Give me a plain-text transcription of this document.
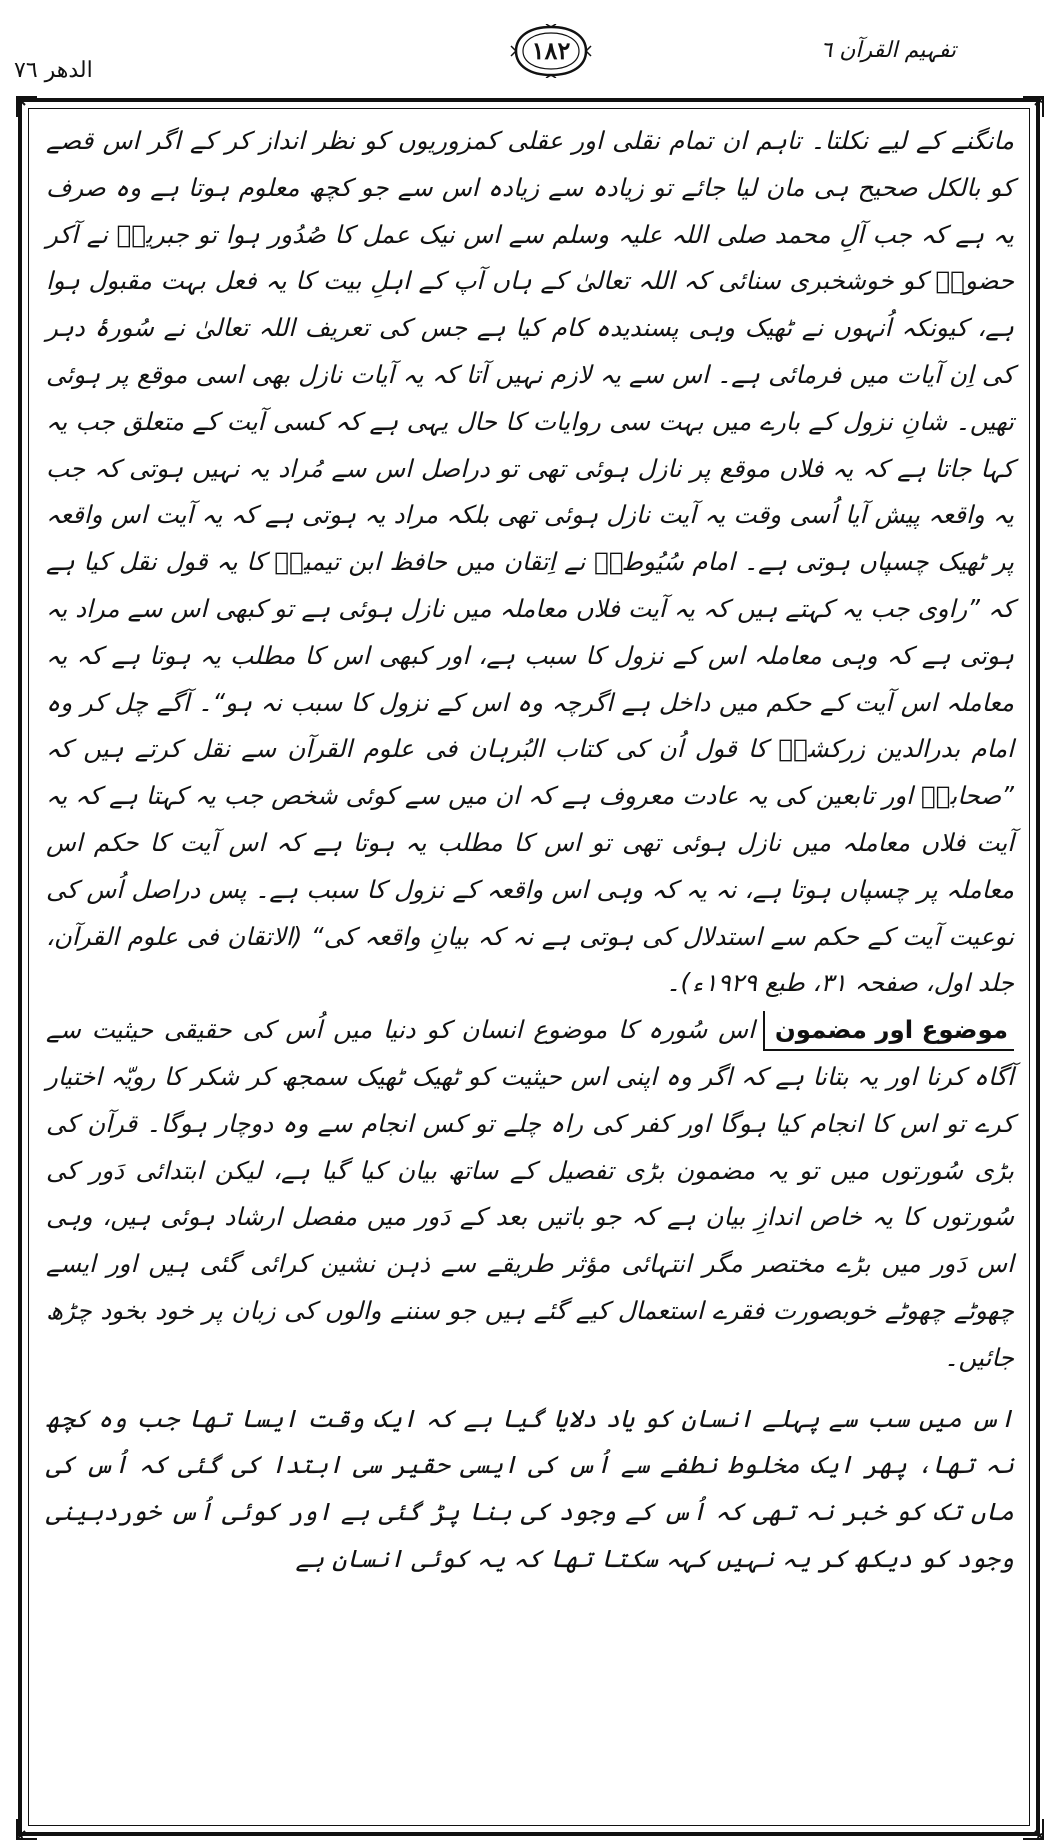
تفہیم القرآن ٦
١٨٢
الدھر ٧٦

مانگنے کے لیے نکلتا۔ تاہم ان تمام نقلی اور عقلی کمزوریوں کو نظر انداز کر کے اگر اس قصے کو بالکل صحیح ہی مان لیا جائے تو زیادہ سے زیادہ اس سے جو کچھ معلوم ہوتا ہے وہ صرف یہ ہے کہ جب آلِ محمد صلی اللہ علیہ وسلم سے اس نیک عمل کا صُدُور ہوا تو جبریلؑ نے آکر حضورؐ کو خوشخبری سنائی کہ اللہ تعالیٰ کے ہاں آپ کے اہلِ بیت کا یہ فعل بہت مقبول ہوا ہے، کیونکہ اُنہوں نے ٹھیک وہی پسندیدہ کام کیا ہے جس کی تعریف اللہ تعالیٰ نے سُورۂ دہر کی اِن آیات میں فرمائی ہے۔ اس سے یہ لازم نہیں آتا کہ یہ آیات نازل بھی اسی موقع پر ہوئی تھیں۔ شانِ نزول کے بارے میں بہت سی روایات کا حال یہی ہے کہ کسی آیت کے متعلق جب یہ کہا جاتا ہے کہ یہ فلاں موقع پر نازل ہوئی تھی تو دراصل اس سے مُراد یہ نہیں ہوتی کہ جب یہ واقعہ پیش آیا اُسی وقت یہ آیت نازل ہوئی تھی بلکہ مراد یہ ہوتی ہے کہ یہ آیت اس واقعہ پر ٹھیک چسپاں ہوتی ہے۔ امام سُیُوطیؒ نے اِتقان میں حافظ ابن تیمیہؒ کا یہ قول نقل کیا ہے کہ ”راوی جب یہ کہتے ہیں کہ یہ آیت فلاں معاملہ میں نازل ہوئی ہے تو کبھی اس سے مراد یہ ہوتی ہے کہ وہی معاملہ اس کے نزول کا سبب ہے، اور کبھی اس کا مطلب یہ ہوتا ہے کہ یہ معاملہ اس آیت کے حکم میں داخل ہے اگرچہ وہ اس کے نزول کا سبب نہ ہو“۔ آگے چل کر وہ امام بدرالدین زرکشیؒ کا قول اُن کی کتاب البُرہان فی علوم القرآن سے نقل کرتے ہیں کہ ”صحابہؓ اور تابعین کی یہ عادت معروف ہے کہ ان میں سے کوئی شخص جب یہ کہتا ہے کہ یہ آیت فلاں معاملہ میں نازل ہوئی تھی تو اس کا مطلب یہ ہوتا ہے کہ اس آیت کا حکم اس معاملہ پر چسپاں ہوتا ہے، نہ یہ کہ وہی اس واقعہ کے نزول کا سبب ہے۔ پس دراصل اُس کی نوعیت آیت کے حکم سے استدلال کی ہوتی ہے نہ کہ بیانِ واقعہ کی“ (الاتقان فی علوم القرآن، جلد اول، صفحہ ۳۱، طبع ۱۹۲۹ء)۔

موضوع اور مضموناس سُورہ کا موضوع انسان کو دنیا میں اُس کی حقیقی حیثیت سے آگاہ کرنا اور یہ بتانا ہے کہ اگر وہ اپنی اس حیثیت کو ٹھیک ٹھیک سمجھ کر شکر کا رویّہ اختیار کرے تو اس کا انجام کیا ہوگا اور کفر کی راہ چلے تو کس انجام سے وہ دوچار ہوگا۔ قرآن کی بڑی سُورتوں میں تو یہ مضمون بڑی تفصیل کے ساتھ بیان کیا گیا ہے، لیکن ابتدائی دَور کی سُورتوں کا یہ خاص اندازِ بیان ہے کہ جو باتیں بعد کے دَور میں مفصل ارشاد ہوئی ہیں، وہی اس دَور میں بڑے مختصر مگر انتہائی مؤثر طریقے سے ذہن نشین کرائی گئی ہیں اور ایسے چھوٹے چھوٹے خوبصورت فقرے استعمال کیے گئے ہیں جو سننے والوں کی زبان پر خود بخود چڑھ جائیں۔

اس میں سب سے پہلے انسان کو یاد دلایا گیا ہے کہ ایک وقت ایسا تھا جب وہ کچھ نہ تھا، پھر ایک مخلوط نطفے سے اُس کی ایسی حقیر سی ابتدا کی گئی کہ اُس کی ماں تک کو خبر نہ تھی کہ اُس کے وجود کی بنا پڑ گئی ہے اور کوئی اُس خوردبینی وجود کو دیکھ کر یہ نہیں کہہ سکتا تھا کہ یہ کوئی انسان ہے
